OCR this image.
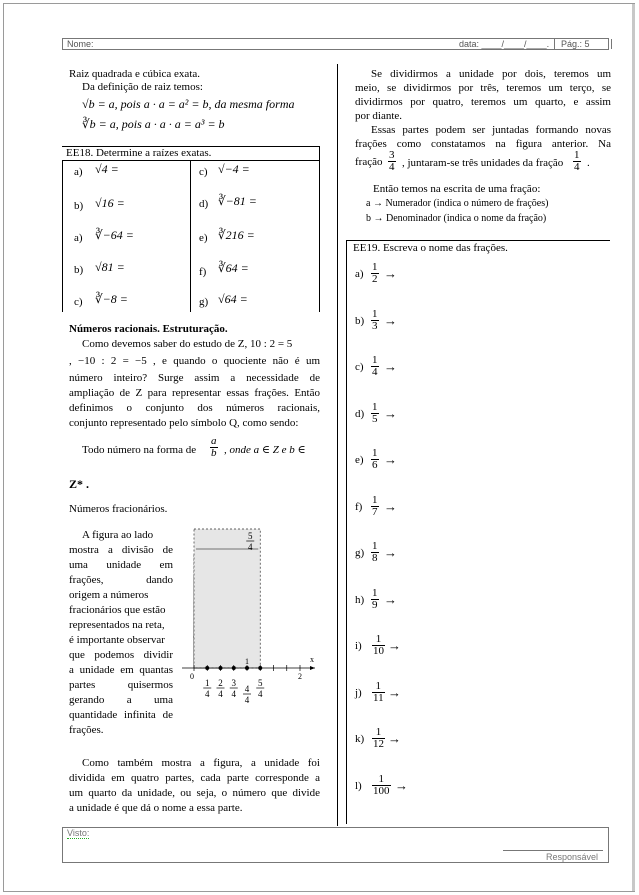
Nome:	data: ____/____/____. Pág.: 5
Raiz quadrada e cúbica exata.
Da definição de raiz temos:
√b = a, pois a · a = a² = b, da mesma forma
∛b = a, pois a · a · a = a³ = b
EE18. Determine a raízes exatas.
a) √4 =
b) √16 =
a) ∛−64 =
b) √81 =
c) ∛−8 =
c) √−4 =
d) ∛−81 =
e) ∛216 =
f) ∛64 =
g) √64 =
Números racionais. Estruturação.
Como devemos saber do estudo de Z, 10 : 2 = 5
, −10 : 2 = −5 , e quando o quociente não é um
número inteiro? Surge assim a necessidade de
ampliação de Z para representar essas frações. Então
definimos o conjunto dos números racionais,
conjunto representado pelo símbolo Q, como sendo:
Todo número na forma de $\frac{a}{b}$ , onde a ∈ Z e b ∈
Z* .
Números fracionários.
A figura ao lado
mostra a divisão de
uma unidade em
frações, dando
origem a números
fracionários que estão
representados na reta,
é importante observar
que podemos dividir
a unidade em quantas
partes quisermos
gerando a uma
quantidade infinita de
frações.
5
4
0
1
2
x
1
4
2
4
3
4 4
4
5
4
Como também mostra a figura, a unidade foi
dividida em quatro partes, cada parte corresponde a
um quarto da unidade, ou seja, o número que divide
a unidade é que dá o nome a essa parte.
Se dividirmos a unidade por dois, teremos um
meio, se dividirmos por três, teremos um terço, se
dividirmos por quatro, teremos um quarto, e assim
por diante.
Essas partes podem ser juntadas formando novas
frações como constatamos na figura anterior. Na
fração $\frac{3}{4}$ , juntaram-se três unidades da fração $\frac{1}{4}$ .
Então temos na escrita de uma fração:
a → Numerador (indica o número de frações)
b → Denominador (indica o nome da fração)
EE19. Escreva o nome das frações.
$a) \frac{1}{2}$ →
$b) \frac{1}{3}$ →
$c) \frac{1}{4}$ →
$d) \frac{1}{5}$ →
$e) \frac{1}{6}$ →
$f) \frac{1}{7}$ →
$g) \frac{1}{8}$ →
$h) \frac{1}{9}$ →
$i) \frac{1}{10}$ →
$j) \frac{1}{11}$ →
$k) \frac{1}{12}$ →
$l) \frac{1}{100}$ →
Visto:
Responsável
